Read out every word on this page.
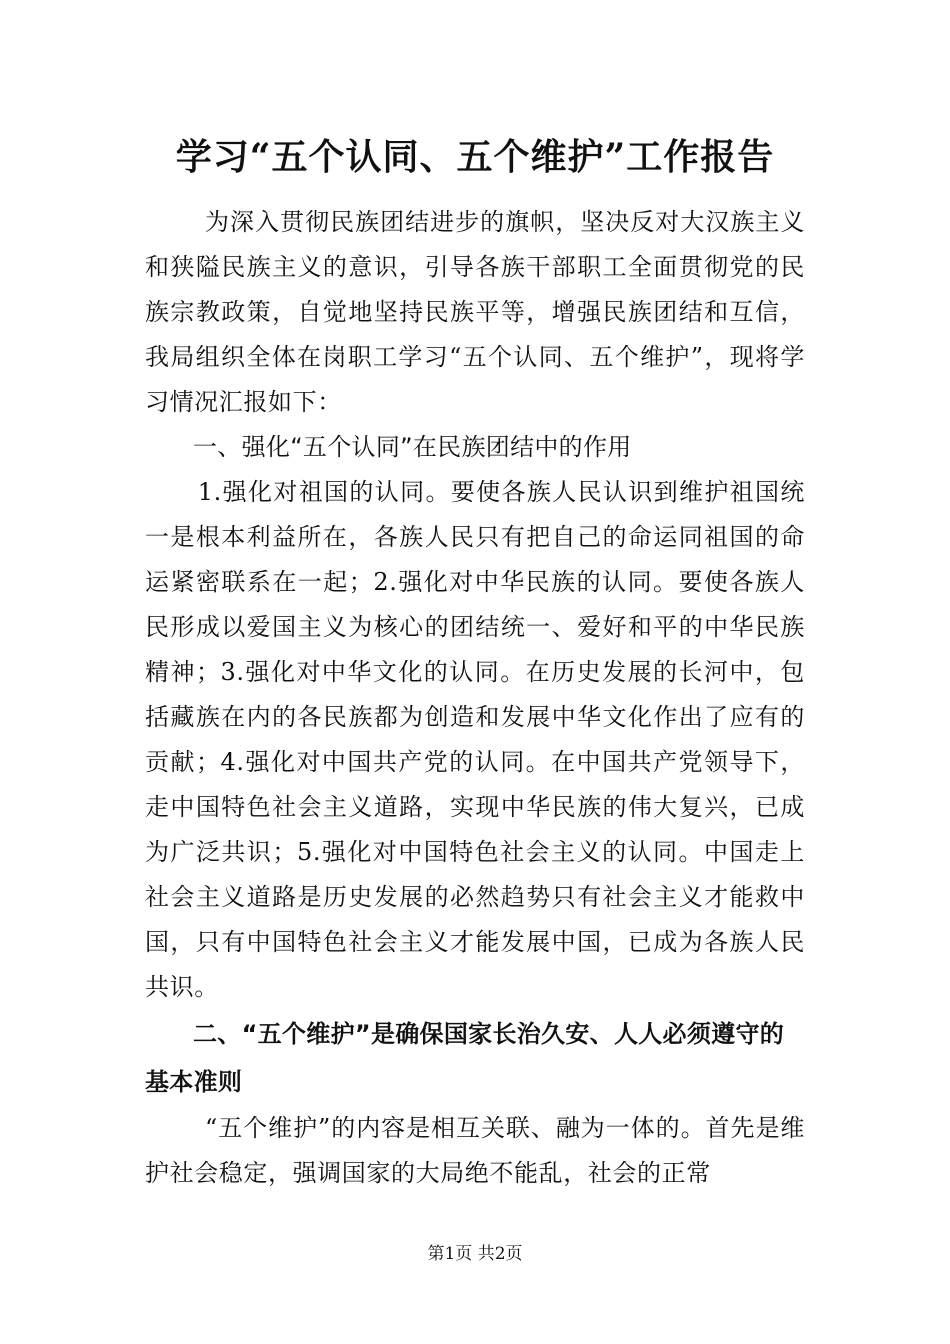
学习“五个认同、五个维护”工作报告

为深入贯彻民族团结进步的旗帜，坚决反对大汉族主义和狭隘民族主义的意识，引导各族干部职工全面贯彻党的民族宗教政策，自觉地坚持民族平等，增强民族团结和互信，我局组织全体在岗职工学习“五个认同、五个维护”，现将学习情况汇报如下：

一、强化“五个认同”在民族团结中的作用

1.强化对祖国的认同。要使各族人民认识到维护祖国统一是根本利益所在，各族人民只有把自己的命运同祖国的命运紧密联系在一起；2.强化对中华民族的认同。要使各族人民形成以爱国主义为核心的团结统一、爱好和平的中华民族精神；3.强化对中华文化的认同。在历史发展的长河中，包括藏族在内的各民族都为创造和发展中华文化作出了应有的贡献；4.强化对中国共产党的认同。在中国共产党领导下，走中国特色社会主义道路，实现中华民族的伟大复兴，已成为广泛共识；5.强化对中国特色社会主义的认同。中国走上社会主义道路是历史发展的必然趋势只有社会主义才能救中国，只有中国特色社会主义才能发展中国，已成为各族人民共识。

二、“五个维护”是确保国家长治久安、人人必须遵守的基本准则

“五个维护”的内容是相互关联、融为一体的。首先是维护社会稳定，强调国家的大局绝不能乱，社会的正常

第1页 共2页
